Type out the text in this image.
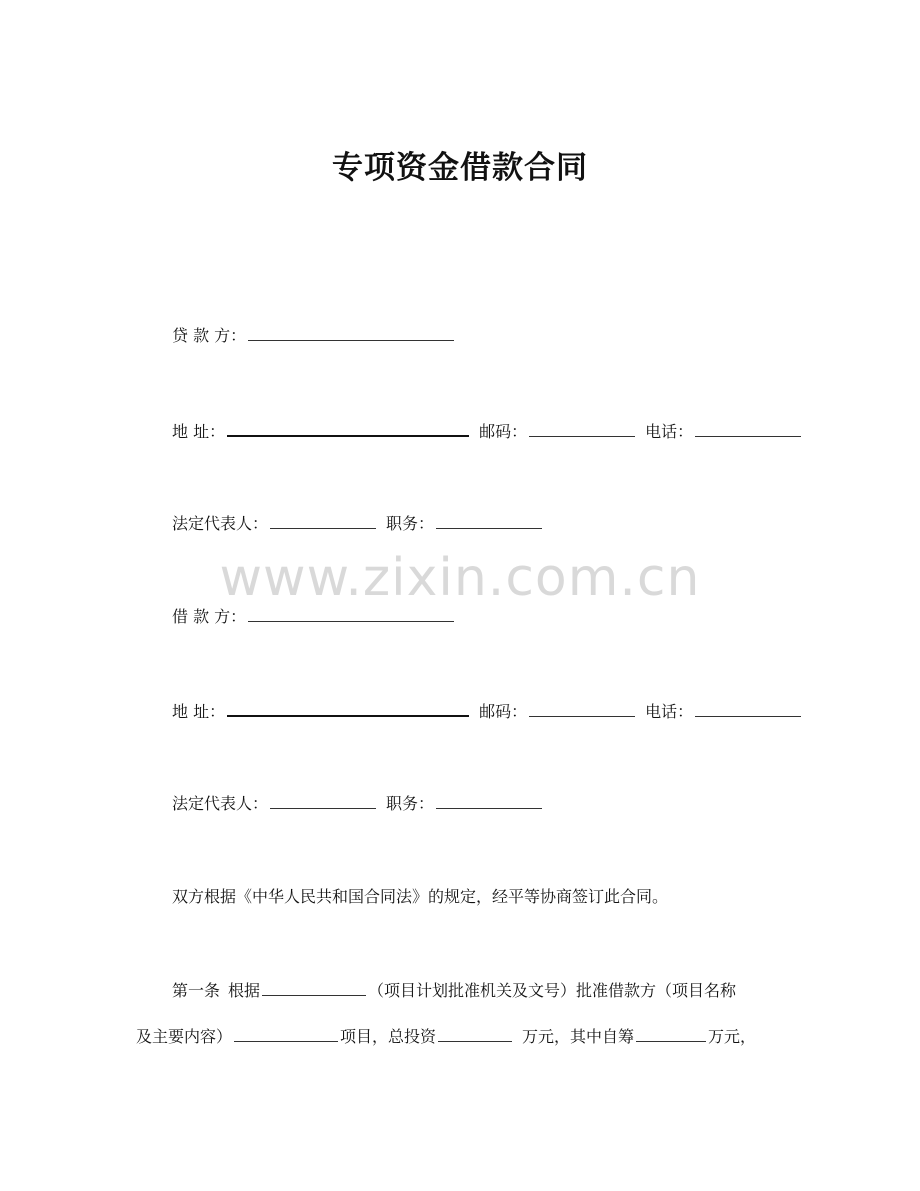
专项资金借款合同
www.zixin.com.cn
贷 款 方：
地 址：	邮码：	电话：
法定代表人：	职务：
借 款 方：
地 址：	邮码：	电话：
法定代表人：	职务：
双方根据《中华人民共和国合同法》的规定，经平等协商签订此合同。
第一条 根据	（项目计划批准机关及文号）批准借款方（项目名称
及主要内容）	项目，总投资	万元，其中自筹	万元，
